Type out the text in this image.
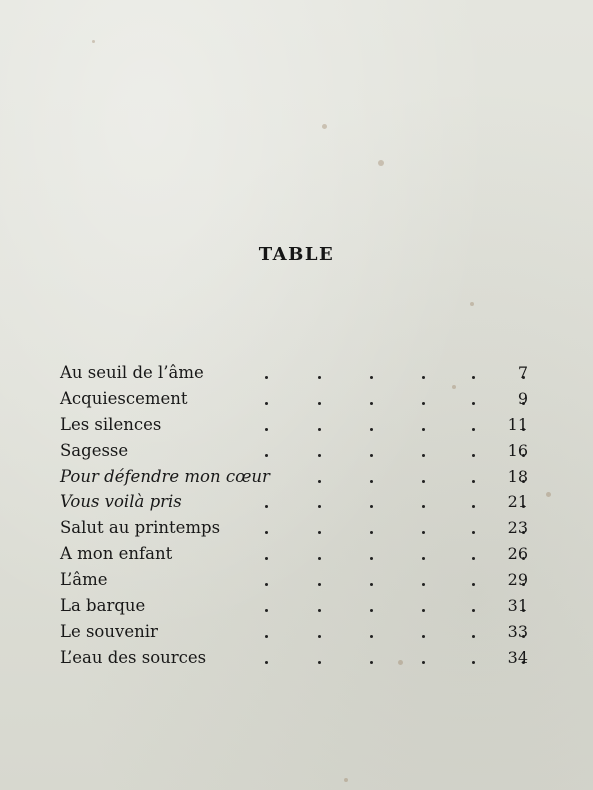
TABLE
Au seuil de l’âme	7
Acquiescement	9
Les silences	11
Sagesse	16
Pour défendre mon cœur	18
Vous voilà pris	21
Salut au printemps	23
A mon enfant	26
L’âme	29
La barque	31
Le souvenir	33
L’eau des sources	34
